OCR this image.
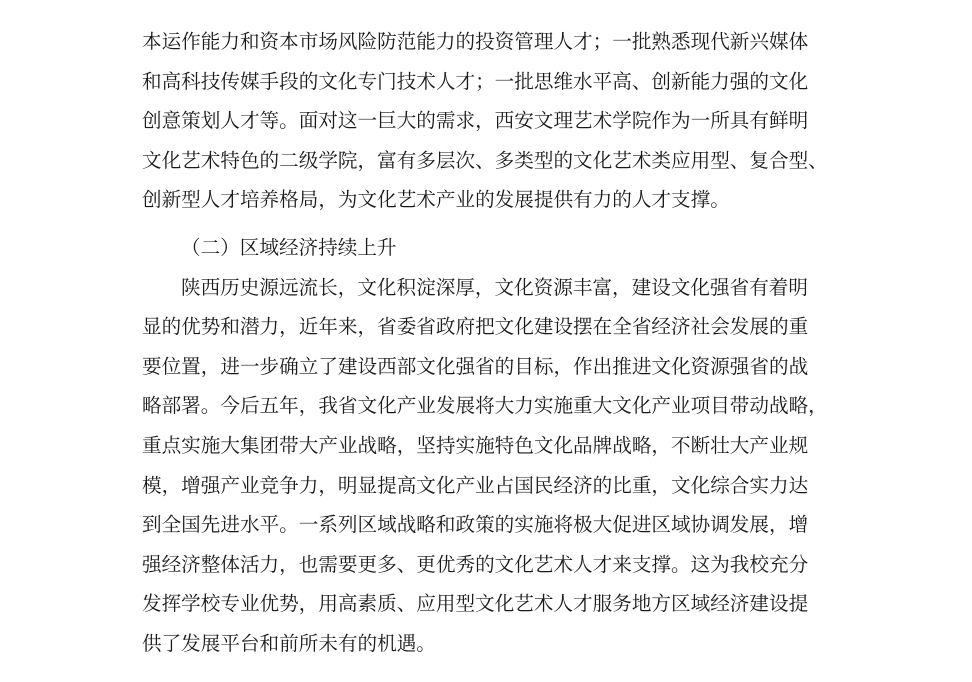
本运作能力和资本市场风险防范能力的投资管理人才；一批熟悉现代新兴媒体
和高科技传媒手段的文化专门技术人才；一批思维水平高、创新能力强的文化
创意策划人才等。面对这一巨大的需求，西安文理艺术学院作为一所具有鲜明
文化艺术特色的二级学院，富有多层次、多类型的文化艺术类应用型、复合型、
创新型人才培养格局，为文化艺术产业的发展提供有力的人才支撑。
（二）区域经济持续上升
陕西历史源远流长，文化积淀深厚，文化资源丰富，建设文化强省有着明
显的优势和潜力，近年来，省委省政府把文化建设摆在全省经济社会发展的重
要位置，进一步确立了建设西部文化强省的目标，作出推进文化资源强省的战
略部署。今后五年，我省文化产业发展将大力实施重大文化产业项目带动战略，
重点实施大集团带大产业战略，坚持实施特色文化品牌战略，不断壮大产业规
模，增强产业竞争力，明显提高文化产业占国民经济的比重，文化综合实力达
到全国先进水平。一系列区域战略和政策的实施将极大促进区域协调发展，增
强经济整体活力，也需要更多、更优秀的文化艺术人才来支撑。这为我校充分
发挥学校专业优势，用高素质、应用型文化艺术人才服务地方区域经济建设提
供了发展平台和前所未有的机遇。
